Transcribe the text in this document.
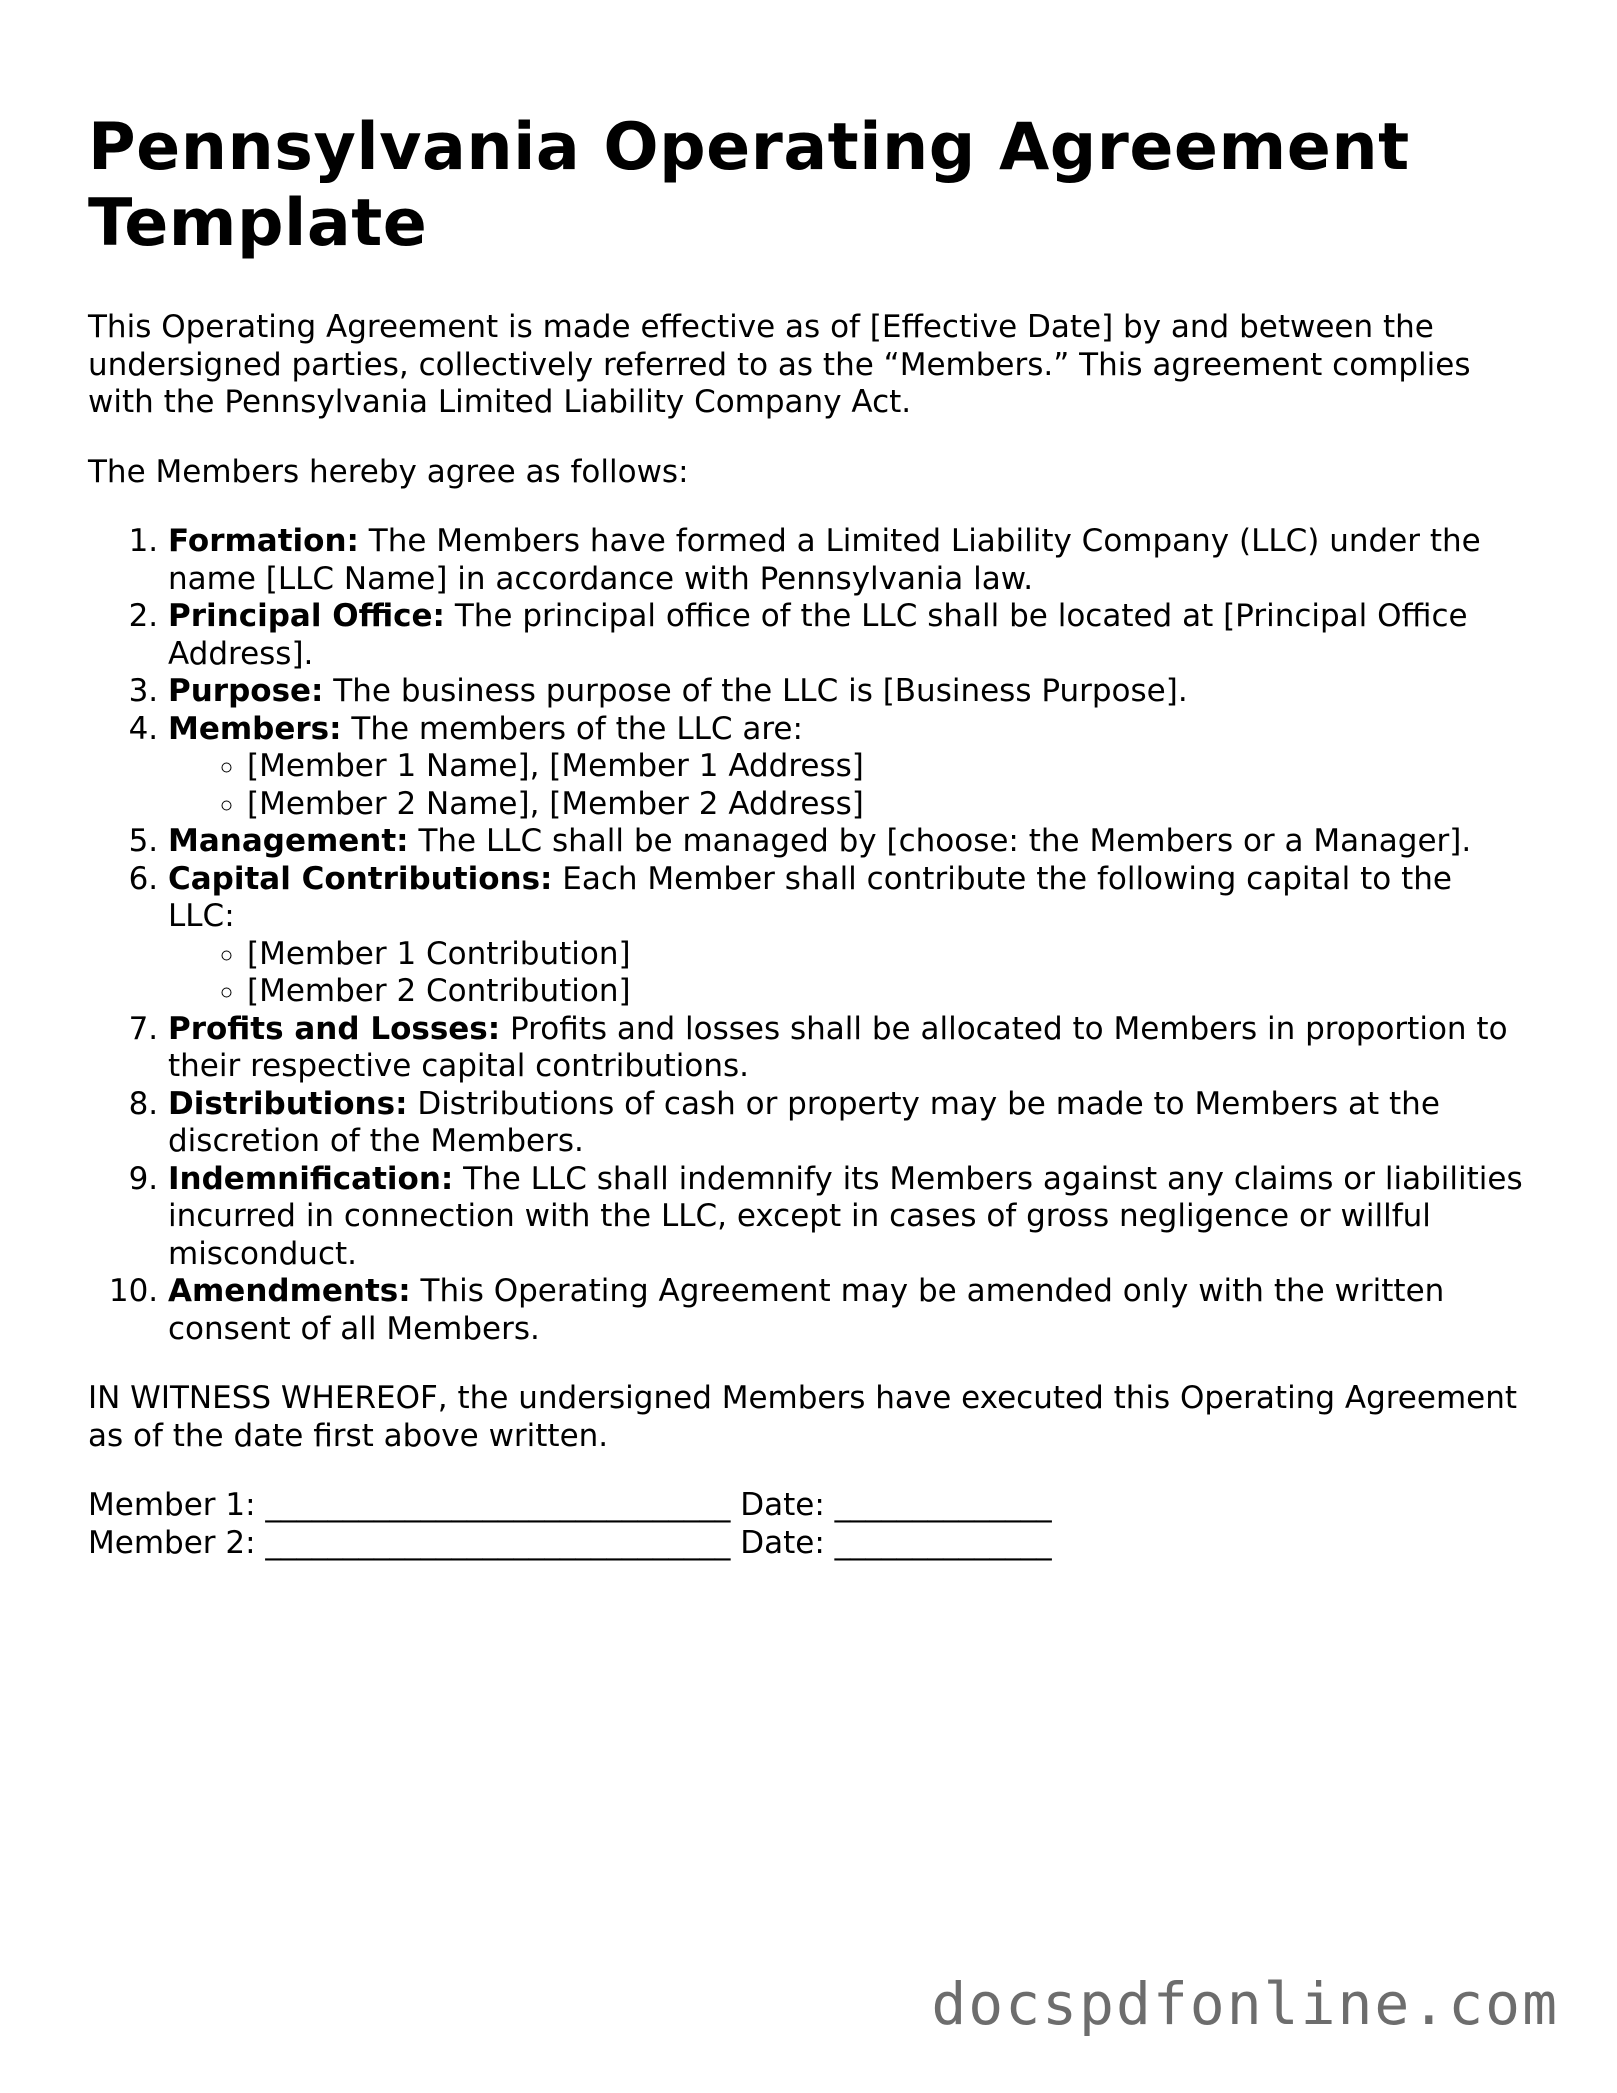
Pennsylvania Operating Agreement Template

This Operating Agreement is made effective as of [Effective Date] by and between the undersigned parties, collectively referred to as the “Members.” This agreement complies with the Pennsylvania Limited Liability Company Act.

The Members hereby agree as follows:

1. Formation: The Members have formed a Limited Liability Company (LLC) under the name [LLC Name] in accordance with Pennsylvania law.
2. Principal Office: The principal office of the LLC shall be located at [Principal Office Address].
3. Purpose: The business purpose of the LLC is [Business Purpose].
4. Members: The members of the LLC are:
◦ [Member 1 Name], [Member 1 Address]
◦ [Member 2 Name], [Member 2 Address]
5. Management: The LLC shall be managed by [choose: the Members or a Manager].
6. Capital Contributions: Each Member shall contribute the following capital to the LLC:
◦ [Member 1 Contribution]
◦ [Member 2 Contribution]
7. Profits and Losses: Profits and losses shall be allocated to Members in proportion to their respective capital contributions.
8. Distributions: Distributions of cash or property may be made to Members at the discretion of the Members.
9. Indemnification: The LLC shall indemnify its Members against any claims or liabilities incurred in connection with the LLC, except in cases of gross negligence or willful misconduct.
10. Amendments: This Operating Agreement may be amended only with the written consent of all Members.

IN WITNESS WHEREOF, the undersigned Members have executed this Operating Agreement as of the date first above written.

Member 1: ______________________________ Date: ______________

Member 2: ______________________________ Date: ______________

docspdfonline.com
